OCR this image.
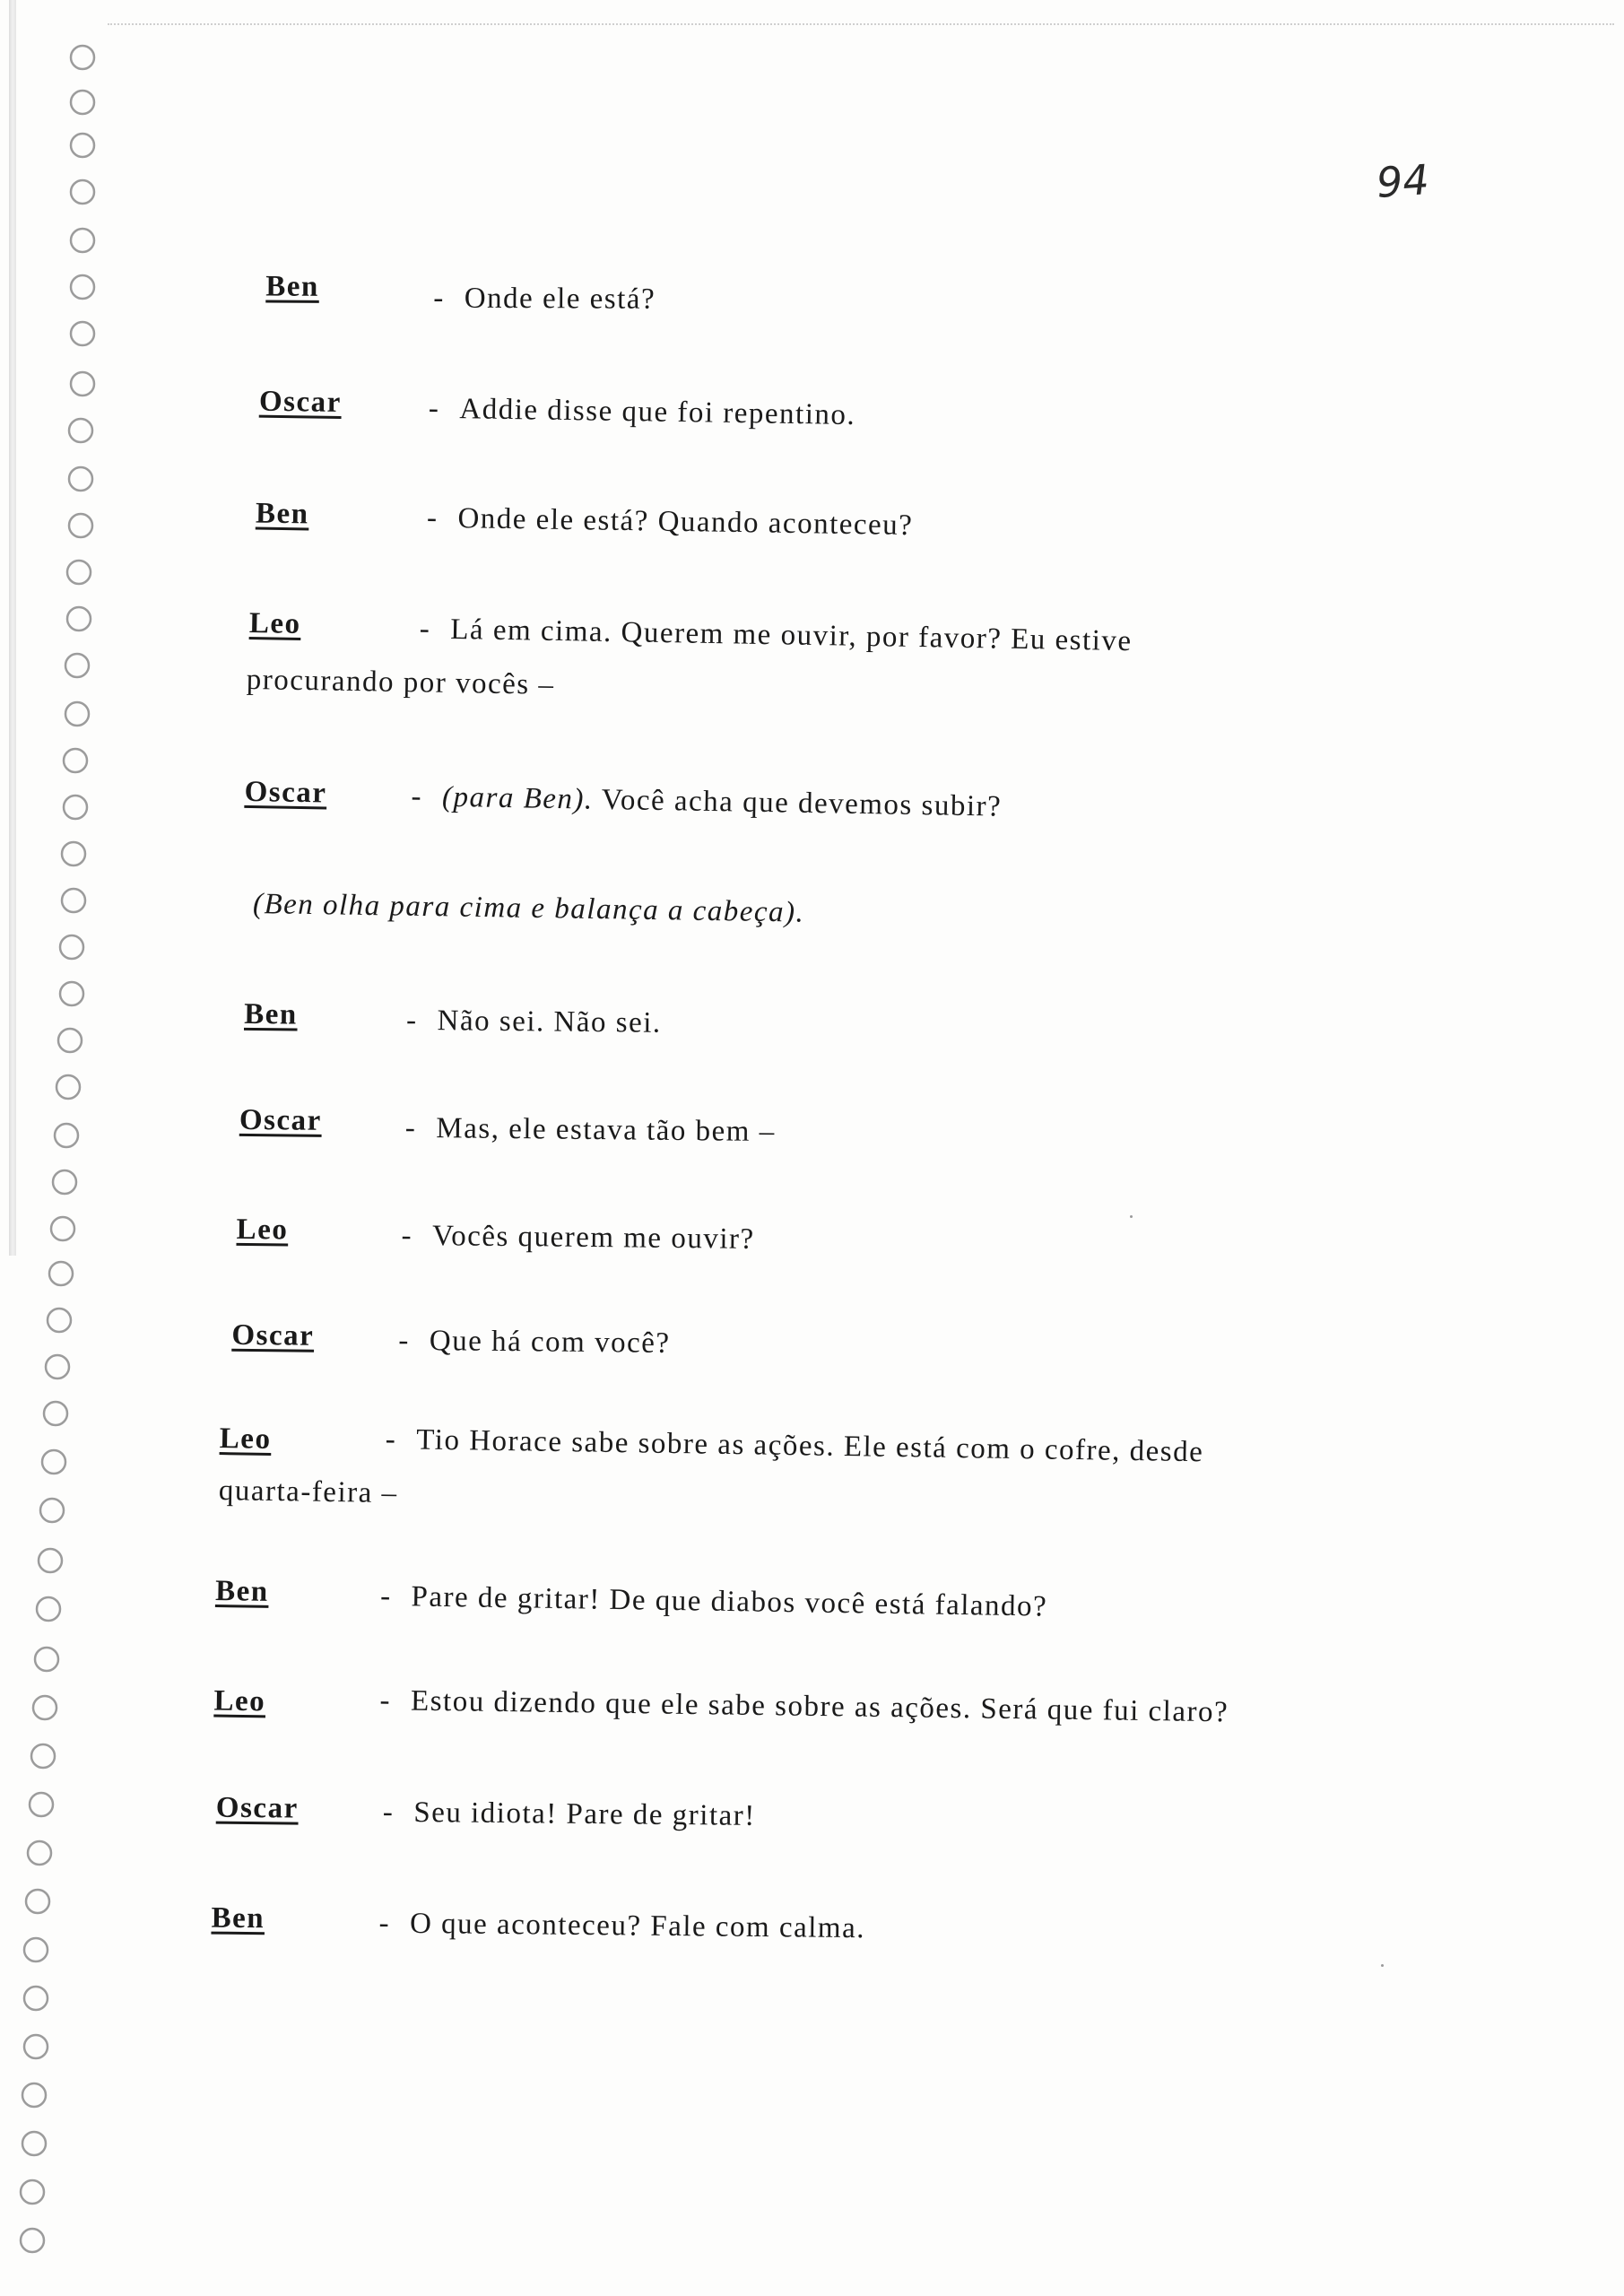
94
Ben	- Onde ele está?
Oscar	- Addie disse que foi repentino.
Ben	- Onde ele está? Quando aconteceu?
Leo	- Lá em cima. Querem me ouvir, por favor? Eu estive
procurando por vocês –
Oscar	- (para Ben). Você acha que devemos subir?
(Ben olha para cima e balança a cabeça).
Ben	- Não sei. Não sei.
Oscar	- Mas, ele estava tão bem –
Leo	- Vocês querem me ouvir?
Oscar	- Que há com você?
Leo	- Tio Horace sabe sobre as ações. Ele está com o cofre, desde
quarta-feira –
Ben	- Pare de gritar! De que diabos você está falando?
Leo	- Estou dizendo que ele sabe sobre as ações. Será que fui claro?
Oscar	- Seu idiota! Pare de gritar!
Ben	- O que aconteceu? Fale com calma.
